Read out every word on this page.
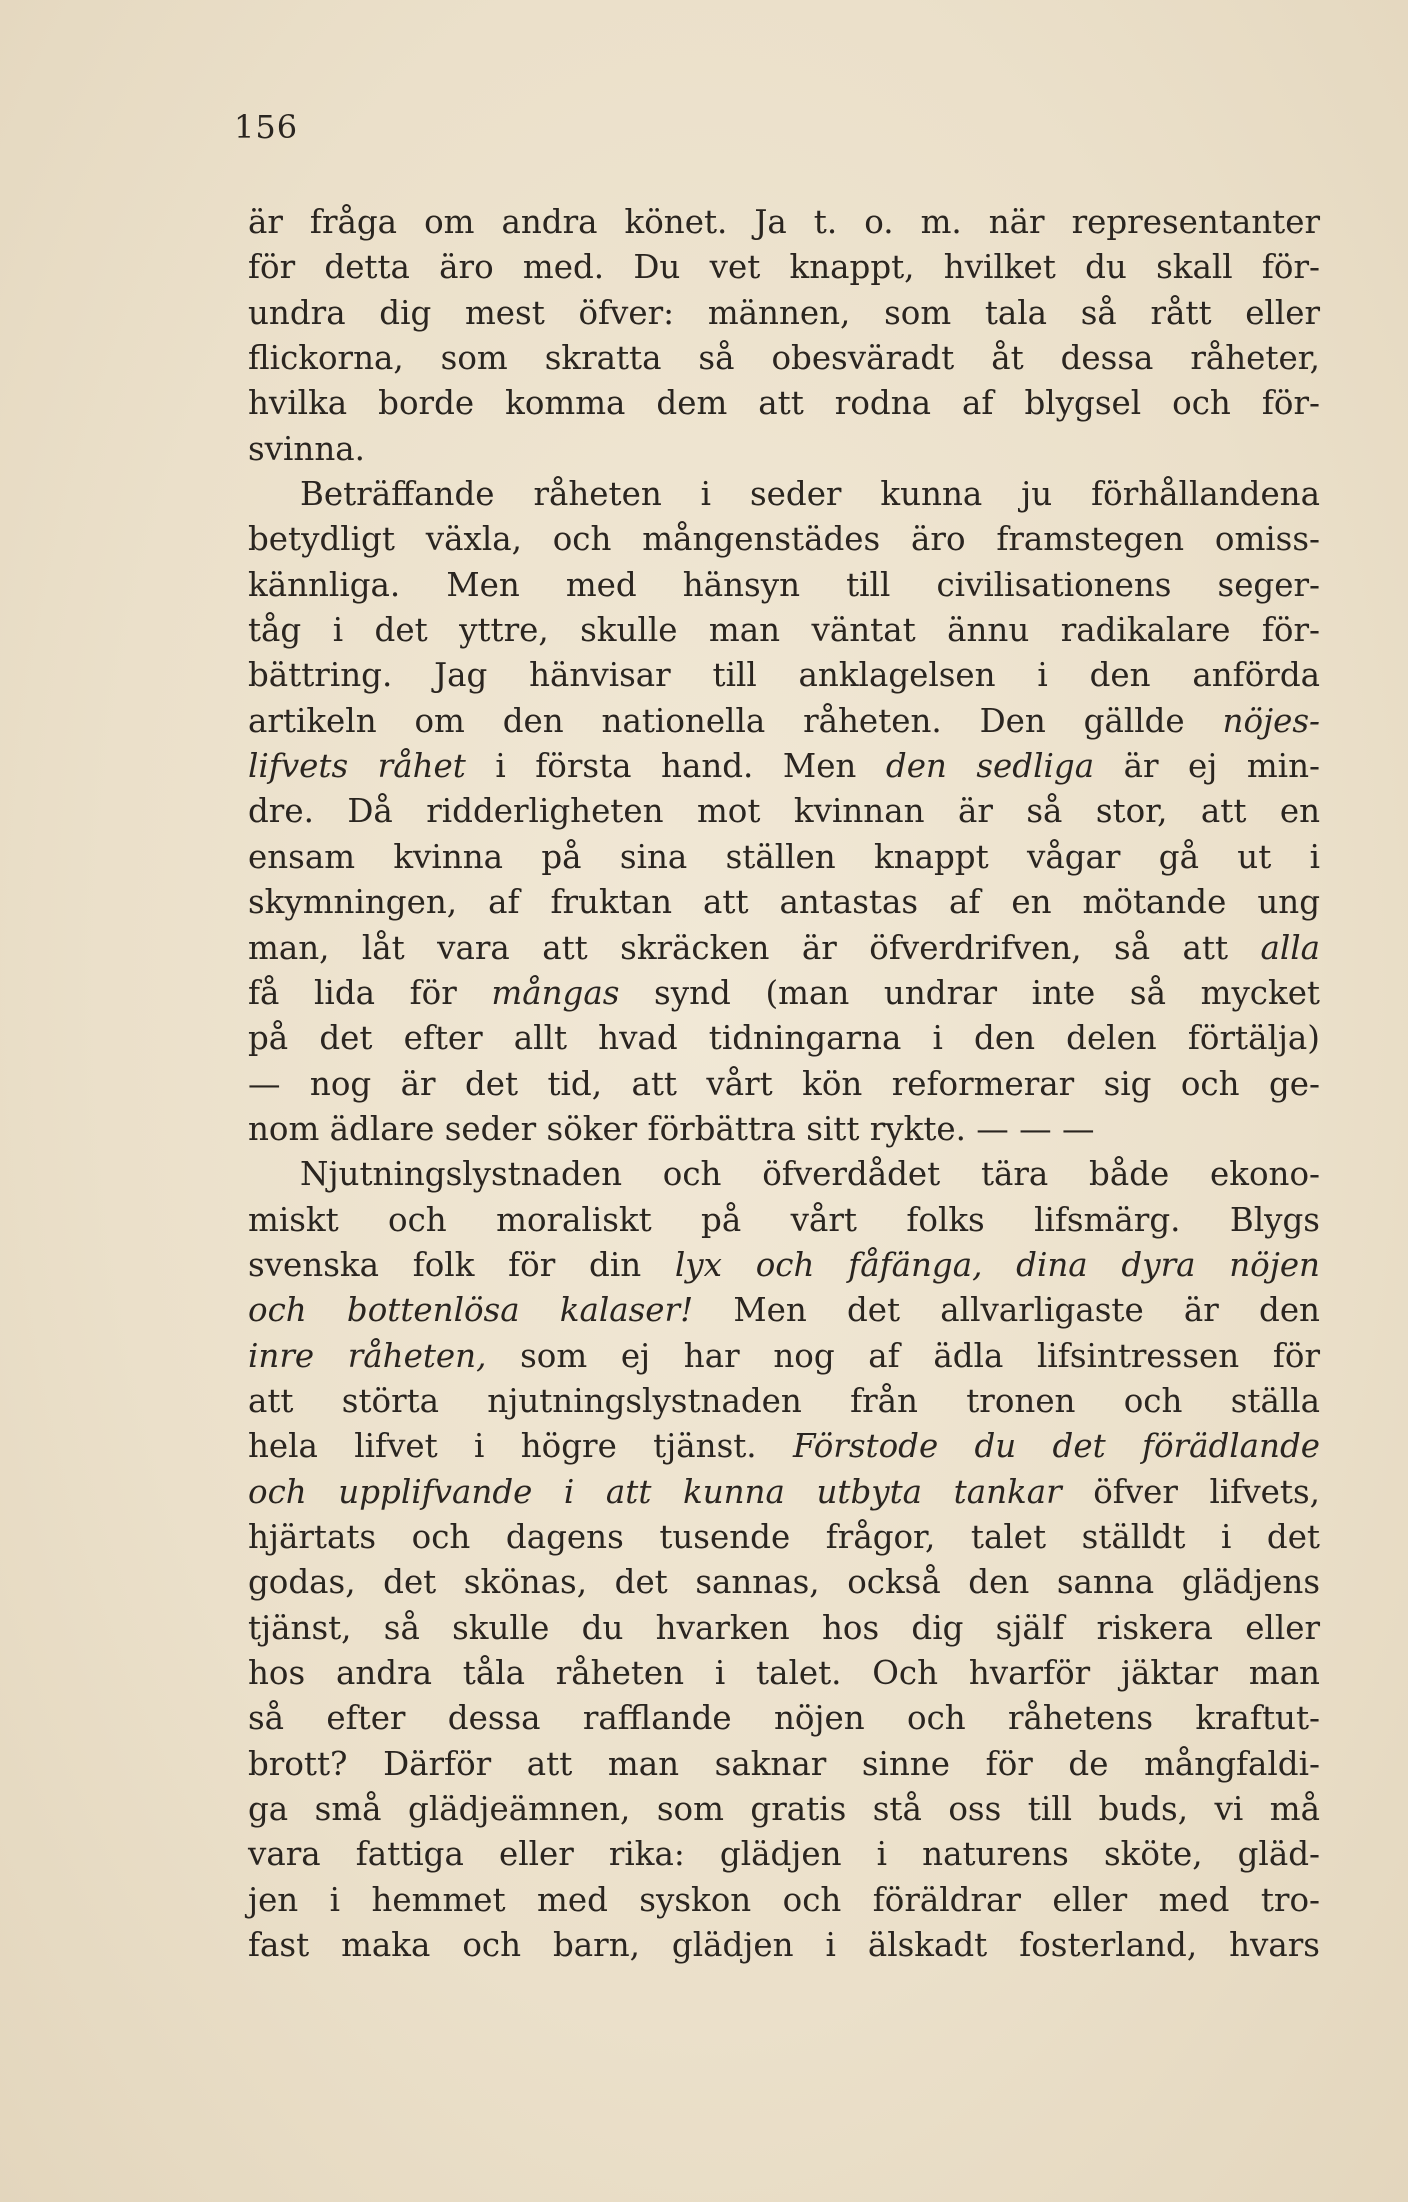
156
är fråga om andra könet. Ja t. o. m. när representanter
för detta äro med. Du vet knappt, hvilket du skall för-
undra dig mest öfver: männen, som tala så rått eller
flickorna, som skratta så obesväradt åt dessa råheter,
hvilka borde komma dem att rodna af blygsel och för-
svinna.
Beträffande råheten i seder kunna ju förhållandena
betydligt växla, och mångenstädes äro framstegen omiss-
kännliga. Men med hänsyn till civilisationens seger-
tåg i det yttre, skulle man väntat ännu radikalare för-
bättring. Jag hänvisar till anklagelsen i den anförda
artikeln om den nationella råheten. Den gällde nöjes-
lifvets råhet i första hand. Men den sedliga är ej min-
dre. Då ridderligheten mot kvinnan är så stor, att en
ensam kvinna på sina ställen knappt vågar gå ut i
skymningen, af fruktan att antastas af en mötande ung
man, låt vara att skräcken är öfverdrifven, så att alla
få lida för mångas synd (man undrar inte så mycket
på det efter allt hvad tidningarna i den delen förtälja)
— nog är det tid, att vårt kön reformerar sig och ge-
nom ädlare seder söker förbättra sitt rykte. — — —
Njutningslystnaden och öfverdådet tära både ekono-
miskt och moraliskt på vårt folks lifsmärg. Blygs
svenska folk för din lyx och fåfänga, dina dyra nöjen
och bottenlösa kalaser! Men det allvarligaste är den
inre råheten, som ej har nog af ädla lifsintressen för
att störta njutningslystnaden från tronen och ställa
hela lifvet i högre tjänst. Förstode du det förädlande
och upplifvande i att kunna utbyta tankar öfver lifvets,
hjärtats och dagens tusende frågor, talet ställdt i det
godas, det skönas, det sannas, också den sanna glädjens
tjänst, så skulle du hvarken hos dig själf riskera eller
hos andra tåla råheten i talet. Och hvarför jäktar man
så efter dessa rafflande nöjen och råhetens kraftut-
brott? Därför att man saknar sinne för de mångfaldi-
ga små glädjeämnen, som gratis stå oss till buds, vi må
vara fattiga eller rika: glädjen i naturens sköte, gläd-
jen i hemmet med syskon och föräldrar eller med tro-
fast maka och barn, glädjen i älskadt fosterland, hvars
